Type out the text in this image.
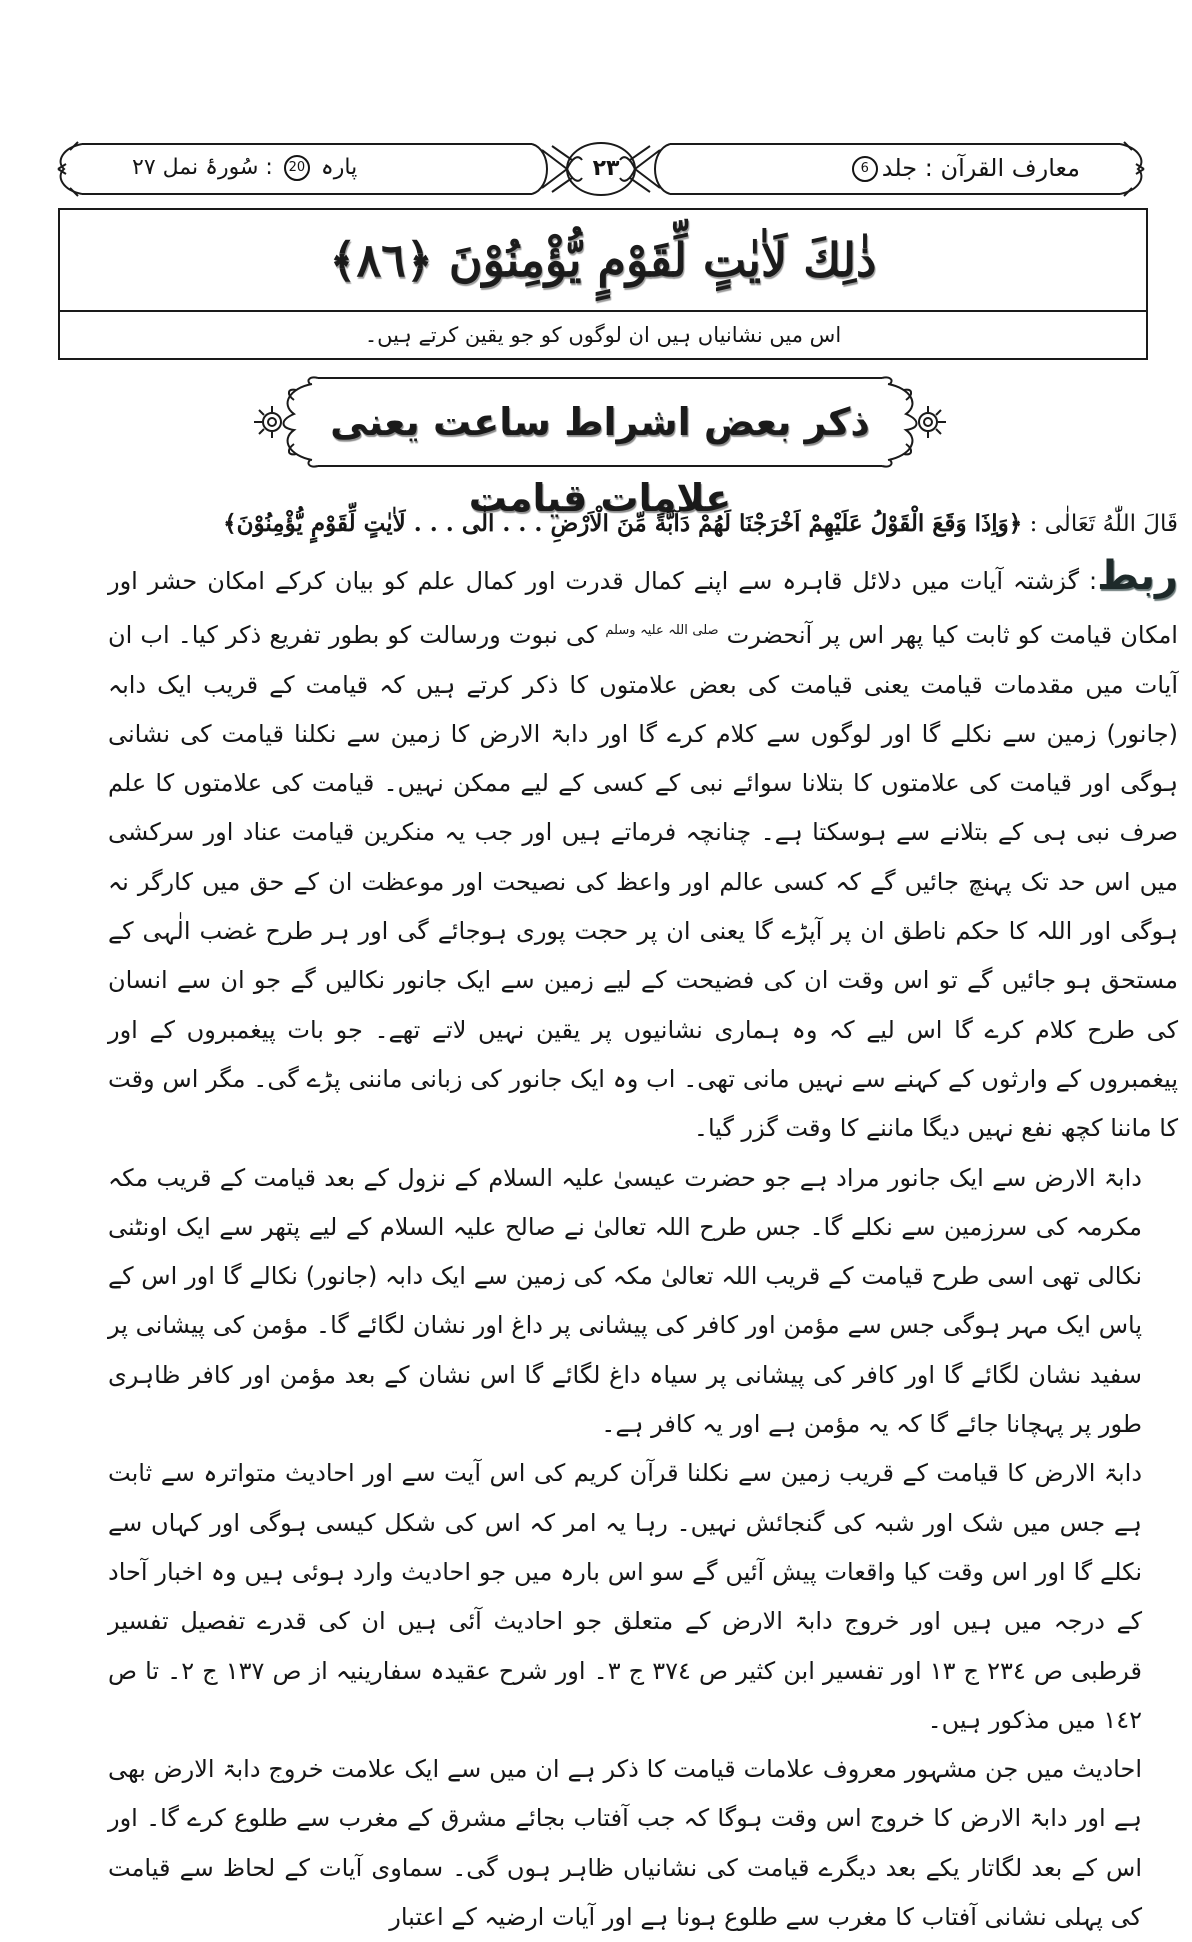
معارف القرآن : جلد6
٢٣
پارہ 20 : سُورۂ نمل ٢٧
ذٰلِكَ لَاٰيٰتٍ لِّقَوْمٍ يُّؤْمِنُوْنَ ﴿٨٦﴾
اس میں نشانیاں ہیں ان لوگوں کو جو یقین کرتے ہیں۔
ذکر بعض اشراط ساعت یعنی علامات قیامت

قَالَ اللّٰهُ تَعَالٰی : ﴿وَاِذَا وَقَعَ الْقَوْلُ عَلَيْهِمْ اَخْرَجْنَا لَهُمْ دَآبَّةً مِّنَ الْاَرْضِ . . . الٰی . . . لَاٰيٰتٍ لِّقَوْمٍ يُّؤْمِنُوْنَ﴾

ربط: گزشتہ آیات میں دلائل قاہرہ سے اپنے کمال قدرت اور کمال علم کو بیان کرکے امکان حشر اور امکان قیامت کو ثابت کیا پھر اس پر آنحضرت $^{صلی اللہ علیہ وسلم}$ کی نبوت ورسالت کو بطور تفریع ذکر کیا۔ اب ان آیات میں مقدمات قیامت یعنی قیامت کی بعض علامتوں کا ذکر کرتے ہیں کہ قیامت کے قریب ایک دابہ (جانور) زمین سے نکلے گا اور لوگوں سے کلام کرے گا اور دابۃ الارض کا زمین سے نکلنا قیامت کی نشانی ہوگی اور قیامت کی علامتوں کا بتلانا سوائے نبی کے کسی کے لیے ممکن نہیں۔ قیامت کی علامتوں کا علم صرف نبی ہی کے بتلانے سے ہوسکتا ہے۔ چنانچہ فرماتے ہیں اور جب یہ منکرین قیامت عناد اور سرکشی میں اس حد تک پہنچ جائیں گے کہ کسی عالم اور واعظ کی نصیحت اور موعظت ان کے حق میں کارگر نہ ہوگی اور اللہ کا حکم ناطق ان پر آپڑے گا یعنی ان پر حجت پوری ہوجائے گی اور ہر طرح غضب الٰہی کے مستحق ہو جائیں گے تو اس وقت ان کی فضیحت کے لیے زمین سے ایک جانور نکالیں گے جو ان سے انسان کی طرح کلام کرے گا اس لیے کہ وہ ہماری نشانیوں پر یقین نہیں لاتے تھے۔ جو بات پیغمبروں کے اور پیغمبروں کے وارثوں کے کہنے سے نہیں مانی تھی۔ اب وہ ایک جانور کی زبانی ماننی پڑے گی۔ مگر اس وقت کا ماننا کچھ نفع نہیں دیگا ماننے کا وقت گزر گیا۔

دابۃ الارض سے ایک جانور مراد ہے جو حضرت عیسیٰ علیہ السلام کے نزول کے بعد قیامت کے قریب مکہ مکرمہ کی سرزمین سے نکلے گا۔ جس طرح اللہ تعالیٰ نے صالح علیہ السلام کے لیے پتھر سے ایک اونٹنی نکالی تھی اسی طرح قیامت کے قریب اللہ تعالیٰ مکہ کی زمین سے ایک دابہ (جانور) نکالے گا اور اس کے پاس ایک مہر ہوگی جس سے مؤمن اور کافر کی پیشانی پر داغ اور نشان لگائے گا۔ مؤمن کی پیشانی پر سفید نشان لگائے گا اور کافر کی پیشانی پر سیاہ داغ لگائے گا اس نشان کے بعد مؤمن اور کافر ظاہری طور پر پہچانا جائے گا کہ یہ مؤمن ہے اور یہ کافر ہے۔

دابۃ الارض کا قیامت کے قریب زمین سے نکلنا قرآن کریم کی اس آیت سے اور احادیث متواترہ سے ثابت ہے جس میں شک اور شبہ کی گنجائش نہیں۔ رہا یہ امر کہ اس کی شکل کیسی ہوگی اور کہاں سے نکلے گا اور اس وقت کیا واقعات پیش آئیں گے سو اس بارہ میں جو احادیث وارد ہوئی ہیں وہ اخبار آحاد کے درجہ میں ہیں اور خروج دابۃ الارض کے متعلق جو احادیث آئی ہیں ان کی قدرے تفصیل تفسیر قرطبی ص ٢٣٤ ج ١٣ اور تفسیر ابن کثیر ص ٣٧٤ ج ٣۔ اور شرح عقیدہ سفارینیہ از ص ١٣٧ ج ٢۔ تا ص ١٤٢ میں مذکور ہیں۔

احادیث میں جن مشہور معروف علامات قیامت کا ذکر ہے ان میں سے ایک علامت خروج دابۃ الارض بھی ہے اور دابۃ الارض کا خروج اس وقت ہوگا کہ جب آفتاب بجائے مشرق کے مغرب سے طلوع کرے گا۔ اور اس کے بعد لگاتار یکے بعد دیگرے قیامت کی نشانیاں ظاہر ہوں گی۔ سماوی آیات کے لحاظ سے قیامت کی پہلی نشانی آفتاب کا مغرب سے طلوع ہونا ہے اور آیات ارضیہ کے اعتبار
